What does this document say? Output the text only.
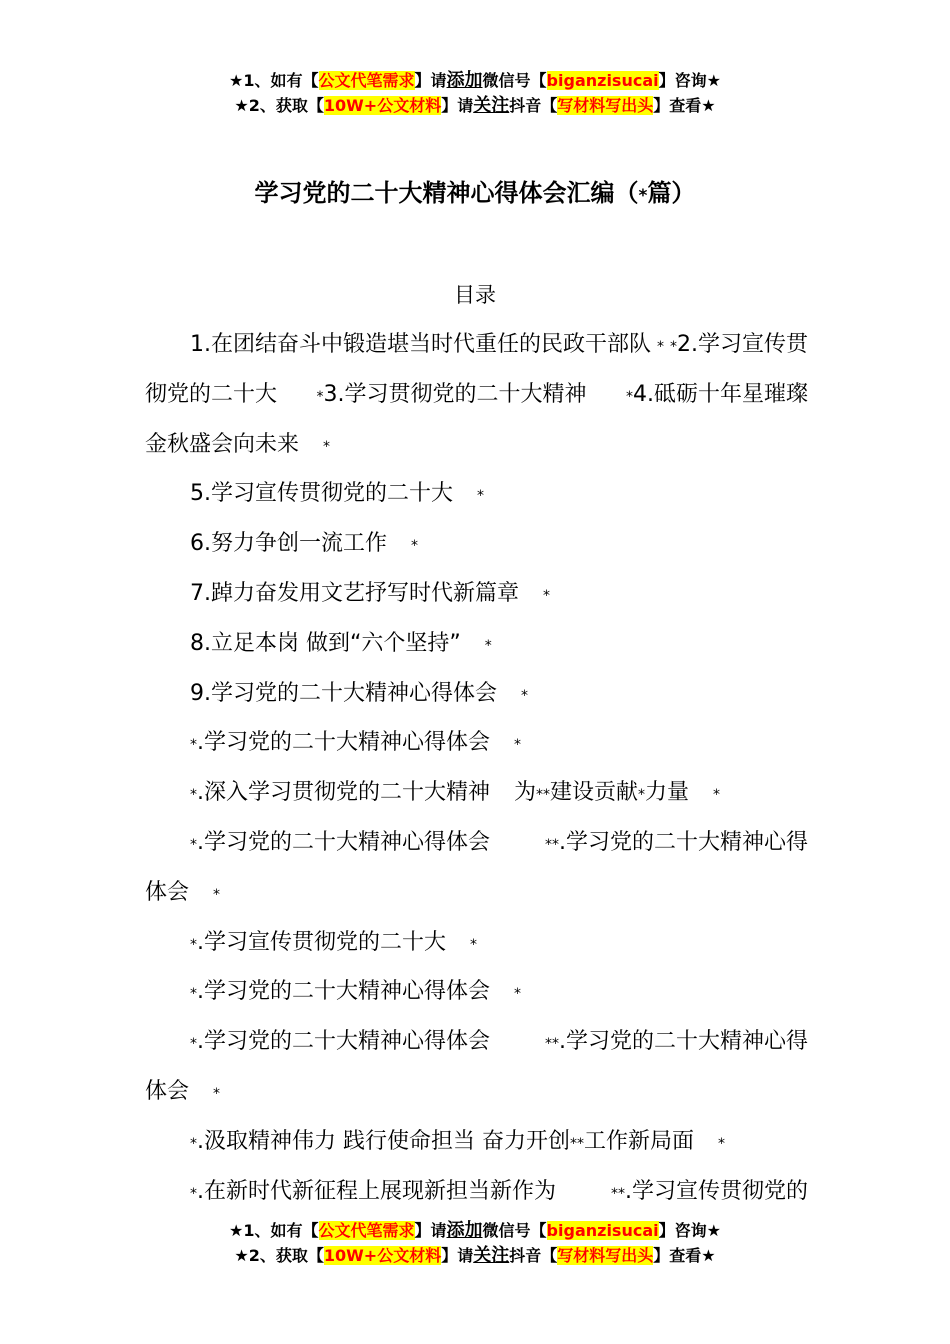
★1、如有【公文代笔需求】请添加微信号【biganzisucai】咨询★
★2、获取【10W+公文材料】请关注抖音【写材料写出头】查看★
学习党的二十大精神心得体会汇编（*篇）
目录
1.在团结奋斗中锻造堪当时代重任的民政干部队 * *2.学习宣传贯
彻党的二十大	*3.学习贯彻党的二十大精神	*4.砥砺十年星璀璨
金秋盛会向未来 *
5.学习宣传贯彻党的二十大 *
6.努力争创一流工作 *
7.踔力奋发用文艺抒写时代新篇章 *
8.立足本岗 做到“六个坚持” *
9.学习党的二十大精神心得体会 *
*.学习党的二十大精神心得体会 *
*.深入学习贯彻党的二十大精神 为**建设贡献*力量 *
*.学习党的二十大精神心得体会	**.学习党的二十大精神心得
体会 *
*.学习宣传贯彻党的二十大 *
*.学习党的二十大精神心得体会 *
*.学习党的二十大精神心得体会	**.学习党的二十大精神心得
体会 *
*.汲取精神伟力 践行使命担当 奋力开创**工作新局面 *
*.在新时代新征程上展现新担当新作为	**.学习宣传贯彻党的
★1、如有【公文代笔需求】请添加微信号【biganzisucai】咨询★
★2、获取【10W+公文材料】请关注抖音【写材料写出头】查看★
